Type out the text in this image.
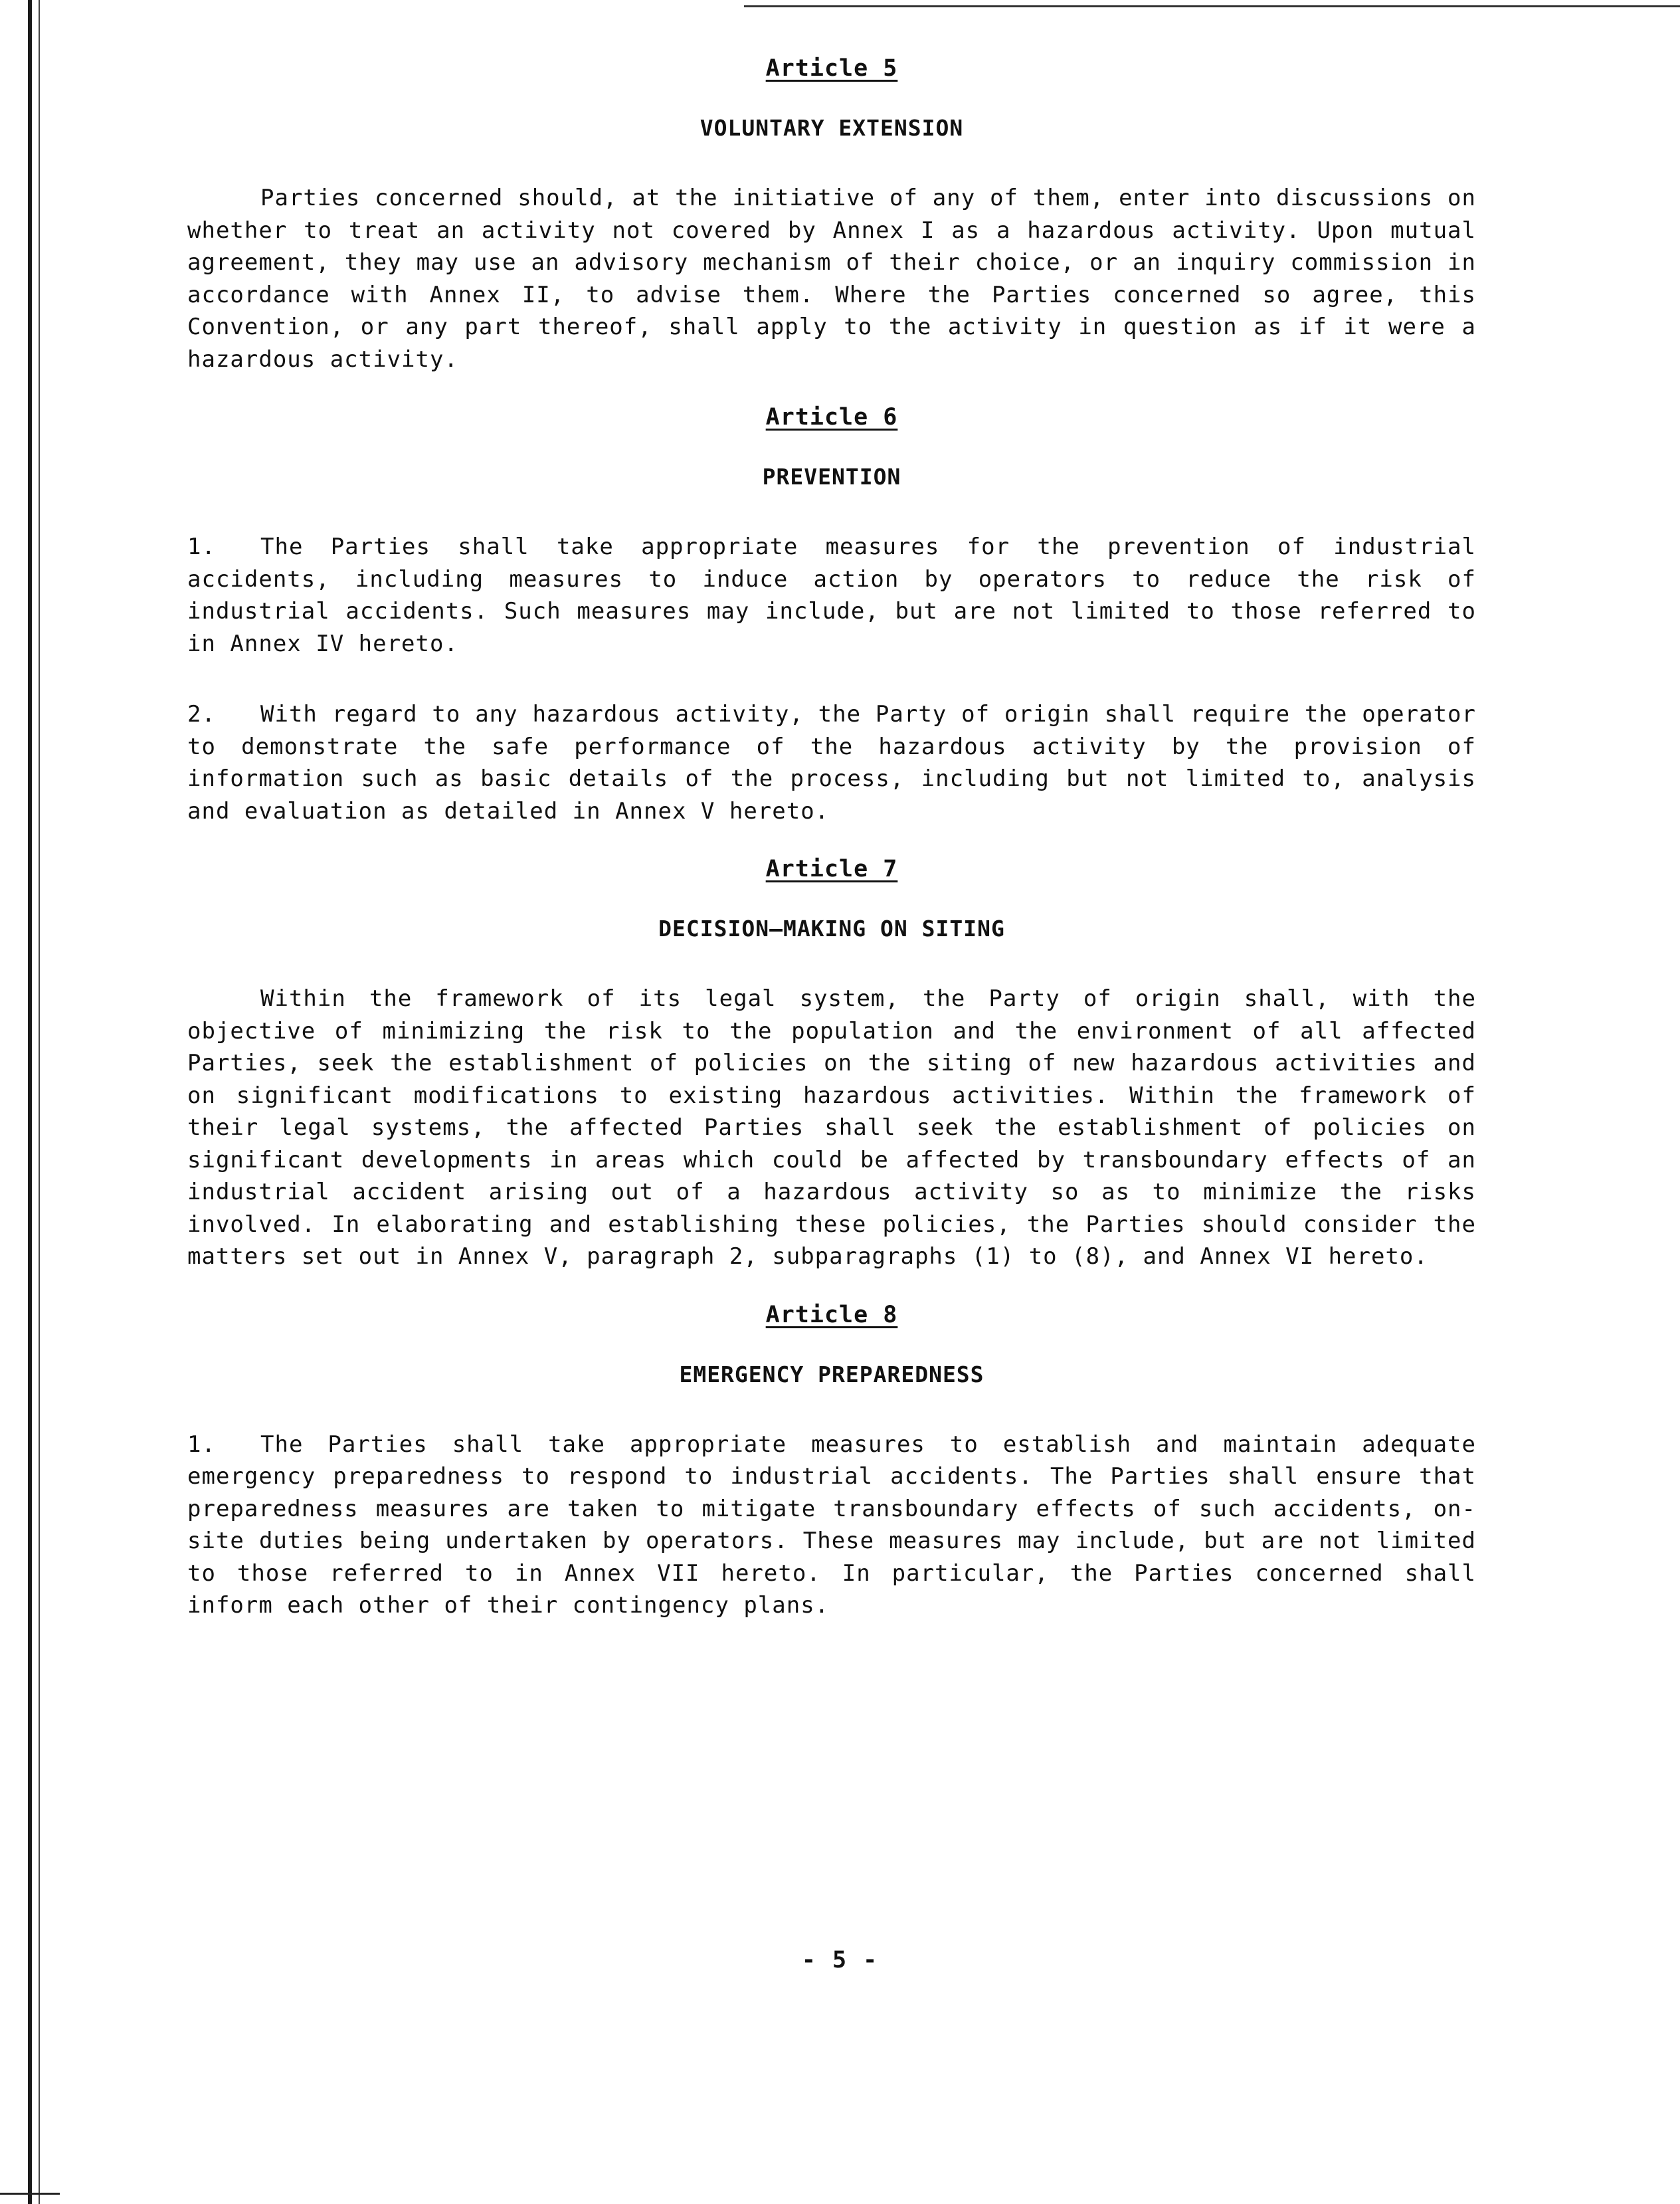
Article 5
VOLUNTARY EXTENSION

Parties concerned should, at the initiative of any of them, enter into discussions on whether to treat an activity not covered by Annex I as a hazardous activity. Upon mutual agreement, they may use an advisory mechanism of their choice, or an inquiry commission in accordance with Annex II, to advise them. Where the Parties concerned so agree, this Convention, or any part thereof, shall apply to the activity in question as if it were a hazardous activity.

Article 6
PREVENTION

1. The Parties shall take appropriate measures for the prevention of industrial accidents, including measures to induce action by operators to reduce the risk of industrial accidents. Such measures may include, but are not limited to those referred to in Annex IV hereto.

2. With regard to any hazardous activity, the Party of origin shall require the operator to demonstrate the safe performance of the hazardous activity by the provision of information such as basic details of the process, including but not limited to, analysis and evaluation as detailed in Annex V hereto.

Article 7
DECISION—MAKING ON SITING

Within the framework of its legal system, the Party of origin shall, with the objective of minimizing the risk to the population and the environment of all affected Parties, seek the establishment of policies on the siting of new hazardous activities and on significant modifications to existing hazardous activities. Within the framework of their legal systems, the affected Parties shall seek the establishment of policies on significant developments in areas which could be affected by transboundary effects of an industrial accident arising out of a hazardous activity so as to minimize the risks involved. In elaborating and establishing these policies, the Parties should consider the matters set out in Annex V, paragraph 2, subparagraphs (1) to (8), and Annex VI hereto.

Article 8
EMERGENCY PREPAREDNESS

1. The Parties shall take appropriate measures to establish and maintain adequate emergency preparedness to respond to industrial accidents. The Parties shall ensure that preparedness measures are taken to mitigate transboundary effects of such accidents, on-site duties being undertaken by operators. These measures may include, but are not limited to those referred to in Annex VII hereto. In particular, the Parties concerned shall inform each other of their contingency plans.

- 5 -
